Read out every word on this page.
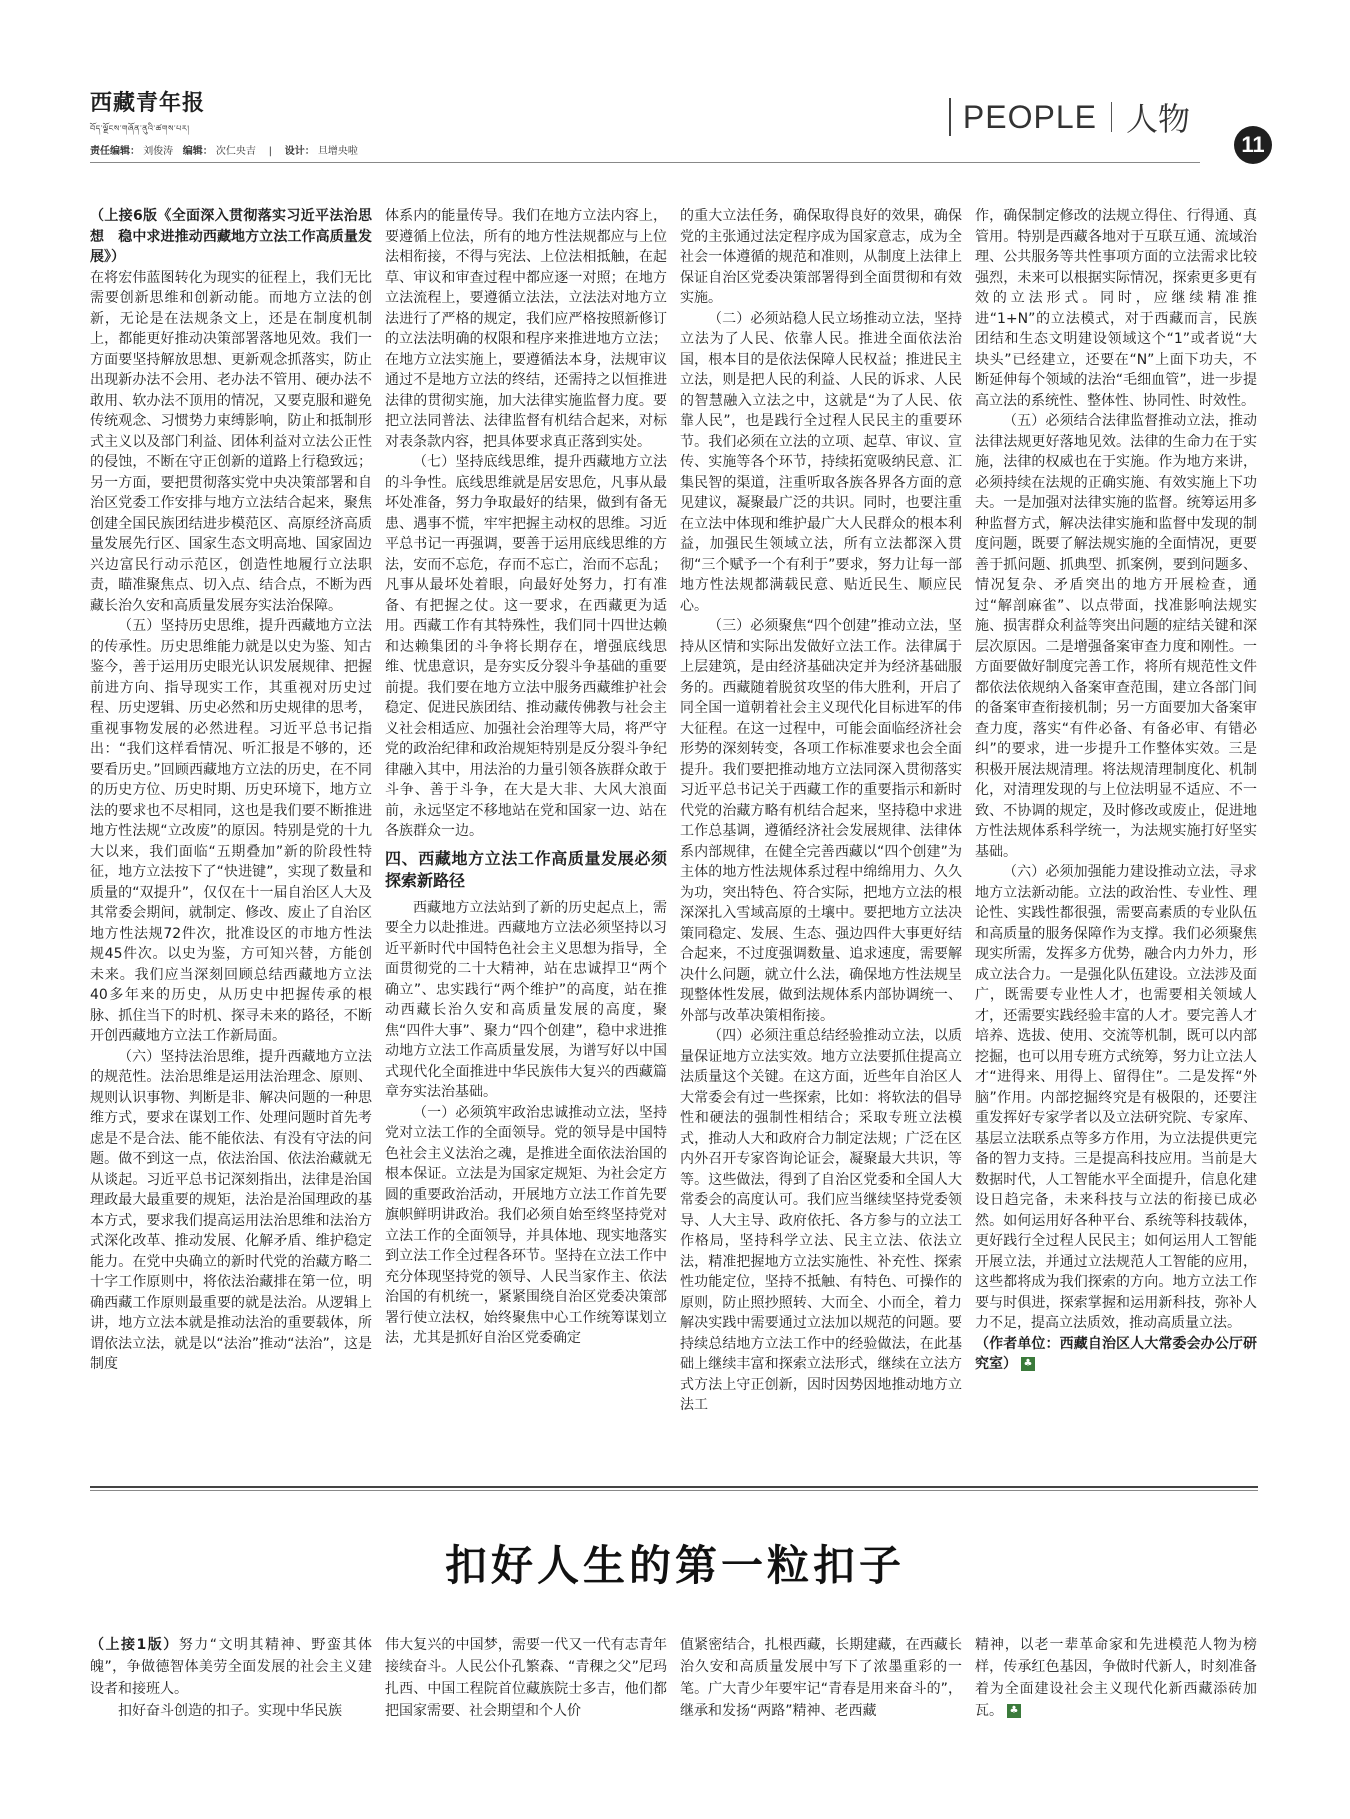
西藏青年报
བོད་ལྗོངས་གཞོན་ནུའི་ཚགས་པར།
责任编辑： 刘俊涛 编辑： 次仁央吉 | 设计： 旦增央啦
PEOPLE 人物
11

（上接6版《全面深入贯彻落实习近平法治思想　稳中求进推动西藏地方立法工作高质量发展》）

在将宏伟蓝图转化为现实的征程上，我们无比需要创新思维和创新动能。而地方立法的创新，无论是在法规条文上，还是在制度机制上，都能更好推动决策部署落地见效。我们一方面要坚持解放思想、更新观念抓落实，防止出现新办法不会用、老办法不管用、硬办法不敢用、软办法不顶用的情况，又要克服和避免传统观念、习惯势力束缚影响，防止和抵制形式主义以及部门利益、团体利益对立法公正性的侵蚀，不断在守正创新的道路上行稳致远；另一方面，要把贯彻落实党中央决策部署和自治区党委工作安排与地方立法结合起来，聚焦创建全国民族团结进步模范区、高原经济高质量发展先行区、国家生态文明高地、国家固边兴边富民行动示范区，创造性地履行立法职责，瞄准聚焦点、切入点、结合点，不断为西藏长治久安和高质量发展夯实法治保障。

（五）坚持历史思维，提升西藏地方立法的传承性。历史思维能力就是以史为鉴、知古鉴今，善于运用历史眼光认识发展规律、把握前进方向、指导现实工作，其重视对历史过程、历史逻辑、历史必然和历史规律的思考，重视事物发展的必然进程。习近平总书记指出：“我们这样看情况、听汇报是不够的，还要看历史。”回顾西藏地方立法的历史，在不同的历史方位、历史时期、历史环境下，地方立法的要求也不尽相同，这也是我们要不断推进地方性法规“立改废”的原因。特别是党的十九大以来，我们面临“五期叠加”新的阶段性特征，地方立法按下了“快进键”，实现了数量和质量的“双提升”，仅仅在十一届自治区人大及其常委会期间，就制定、修改、废止了自治区地方性法规72件次，批准设区的市地方性法规45件次。以史为鉴，方可知兴替，方能创未来。我们应当深刻回顾总结西藏地方立法40多年来的历史，从历史中把握传承的根脉、抓住当下的时机、探寻未来的路径，不断开创西藏地方立法工作新局面。

（六）坚持法治思维，提升西藏地方立法的规范性。法治思维是运用法治理念、原则、规则认识事物、判断是非、解决问题的一种思维方式，要求在谋划工作、处理问题时首先考虑是不是合法、能不能依法、有没有守法的问题。做不到这一点，依法治国、依法治藏就无从谈起。习近平总书记深刻指出，法律是治国理政最大最重要的规矩，法治是治国理政的基本方式，要求我们提高运用法治思维和法治方式深化改革、推动发展、化解矛盾、维护稳定能力。在党中央确立的新时代党的治藏方略二十字工作原则中，将依法治藏排在第一位，明确西藏工作原则最重要的就是法治。从逻辑上讲，地方立法本就是推动法治的重要载体，所谓依法立法，就是以“法治”推动“法治”，这是制度

体系内的能量传导。我们在地方立法内容上，要遵循上位法，所有的地方性法规都应与上位法相衔接，不得与宪法、上位法相抵触，在起草、审议和审查过程中都应逐一对照；在地方立法流程上，要遵循立法法，立法法对地方立法进行了严格的规定，我们应严格按照新修订的立法法明确的权限和程序来推进地方立法；在地方立法实施上，要遵循法本身，法规审议通过不是地方立法的终结，还需持之以恒推进法律的贯彻实施，加大法律实施监督力度。要把立法同普法、法律监督有机结合起来，对标对表条款内容，把具体要求真正落到实处。

（七）坚持底线思维，提升西藏地方立法的斗争性。底线思维就是居安思危，凡事从最坏处准备，努力争取最好的结果，做到有备无患、遇事不慌，牢牢把握主动权的思维。习近平总书记一再强调，要善于运用底线思维的方法，安而不忘危，存而不忘亡，治而不忘乱；凡事从最坏处着眼，向最好处努力，打有准备、有把握之仗。这一要求，在西藏更为适用。西藏工作有其特殊性，我们同十四世达赖和达赖集团的斗争将长期存在，增强底线思维、忧患意识，是夯实反分裂斗争基础的重要前提。我们要在地方立法中服务西藏维护社会稳定、促进民族团结、推动藏传佛教与社会主义社会相适应、加强社会治理等大局，将严守党的政治纪律和政治规矩特别是反分裂斗争纪律融入其中，用法治的力量引领各族群众敢于斗争、善于斗争，在大是大非、大风大浪面前，永远坚定不移地站在党和国家一边、站在各族群众一边。

四、西藏地方立法工作高质量发展必须探索新路径

西藏地方立法站到了新的历史起点上，需要全力以赴推进。西藏地方立法必须坚持以习近平新时代中国特色社会主义思想为指导，全面贯彻党的二十大精神，站在忠诚捍卫“两个确立”、忠实践行“两个维护”的高度，站在推动西藏长治久安和高质量发展的高度，聚焦“四件大事”、聚力“四个创建”，稳中求进推动地方立法工作高质量发展，为谱写好以中国式现代化全面推进中华民族伟大复兴的西藏篇章夯实法治基础。

（一）必须筑牢政治忠诚推动立法，坚持党对立法工作的全面领导。党的领导是中国特色社会主义法治之魂，是推进全面依法治国的根本保证。立法是为国家定规矩、为社会定方圆的重要政治活动，开展地方立法工作首先要旗帜鲜明讲政治。我们必须自始至终坚持党对立法工作的全面领导，并具体地、现实地落实到立法工作全过程各环节。坚持在立法工作中充分体现坚持党的领导、人民当家作主、依法治国的有机统一，紧紧围绕自治区党委决策部署行使立法权，始终聚焦中心工作统筹谋划立法，尤其是抓好自治区党委确定

的重大立法任务，确保取得良好的效果，确保党的主张通过法定程序成为国家意志，成为全社会一体遵循的规范和准则，从制度上法律上保证自治区党委决策部署得到全面贯彻和有效实施。

（二）必须站稳人民立场推动立法，坚持立法为了人民、依靠人民。推进全面依法治国，根本目的是依法保障人民权益；推进民主立法，则是把人民的利益、人民的诉求、人民的智慧融入立法之中，这就是“为了人民、依靠人民”，也是践行全过程人民民主的重要环节。我们必须在立法的立项、起草、审议、宣传、实施等各个环节，持续拓宽吸纳民意、汇集民智的渠道，注重听取各族各界各方面的意见建议，凝聚最广泛的共识。同时，也要注重在立法中体现和维护最广大人民群众的根本利益，加强民生领域立法，所有立法都深入贯彻“三个赋予一个有利于”要求，努力让每一部地方性法规都满载民意、贴近民生、顺应民心。

（三）必须聚焦“四个创建”推动立法，坚持从区情和实际出发做好立法工作。法律属于上层建筑，是由经济基础决定并为经济基础服务的。西藏随着脱贫攻坚的伟大胜利，开启了同全国一道朝着社会主义现代化目标进军的伟大征程。在这一过程中，可能会面临经济社会形势的深刻转变，各项工作标准要求也会全面提升。我们要把推动地方立法同深入贯彻落实习近平总书记关于西藏工作的重要指示和新时代党的治藏方略有机结合起来，坚持稳中求进工作总基调，遵循经济社会发展规律、法律体系内部规律，在健全完善西藏以“四个创建”为主体的地方性法规体系过程中绵绵用力、久久为功，突出特色、符合实际，把地方立法的根深深扎入雪域高原的土壤中。要把地方立法决策同稳定、发展、生态、强边四件大事更好结合起来，不过度强调数量、追求速度，需要解决什么问题，就立什么法，确保地方性法规呈现整体性发展，做到法规体系内部协调统一、外部与改革决策相衔接。

（四）必须注重总结经验推动立法，以质量保证地方立法实效。地方立法要抓住提高立法质量这个关键。在这方面，近些年自治区人大常委会有过一些探索，比如：将软法的倡导性和硬法的强制性相结合；采取专班立法模式，推动人大和政府合力制定法规；广泛在区内外召开专家咨询论证会，凝聚最大共识，等等。这些做法，得到了自治区党委和全国人大常委会的高度认可。我们应当继续坚持党委领导、人大主导、政府依托、各方参与的立法工作格局，坚持科学立法、民主立法、依法立法，精准把握地方立法实施性、补充性、探索性功能定位，坚持不抵触、有特色、可操作的原则，防止照抄照转、大而全、小而全，着力解决实践中需要通过立法加以规范的问题。要持续总结地方立法工作中的经验做法，在此基础上继续丰富和探索立法形式，继续在立法方式方法上守正创新，因时因势因地推动地方立法工

作，确保制定修改的法规立得住、行得通、真管用。特别是西藏各地对于互联互通、流域治理、公共服务等共性事项方面的立法需求比较强烈，未来可以根据实际情况，探索更多更有效的立法形式。同时，应继续精准推进“1+N”的立法模式，对于西藏而言，民族团结和生态文明建设领域这个“1”或者说“大块头”已经建立，还要在“N”上面下功夫，不断延伸每个领域的法治“毛细血管”，进一步提高立法的系统性、整体性、协同性、时效性。

（五）必须结合法律监督推动立法，推动法律法规更好落地见效。法律的生命力在于实施，法律的权威也在于实施。作为地方来讲，必须持续在法规的正确实施、有效实施上下功夫。一是加强对法律实施的监督。统筹运用多种监督方式，解决法律实施和监督中发现的制度问题，既要了解法规实施的全面情况，更要善于抓问题、抓典型、抓案例，要到问题多、情况复杂、矛盾突出的地方开展检查，通过“解剖麻雀”、以点带面，找准影响法规实施、损害群众利益等突出问题的症结关键和深层次原因。二是增强备案审查力度和刚性。一方面要做好制度完善工作，将所有规范性文件都依法依规纳入备案审查范围，建立各部门间的备案审查衔接机制；另一方面要加大备案审查力度，落实“有件必备、有备必审、有错必纠”的要求，进一步提升工作整体实效。三是积极开展法规清理。将法规清理制度化、机制化，对清理发现的与上位法明显不适应、不一致、不协调的规定，及时修改或废止，促进地方性法规体系科学统一，为法规实施打好坚实基础。

（六）必须加强能力建设推动立法，寻求地方立法新动能。立法的政治性、专业性、理论性、实践性都很强，需要高素质的专业队伍和高质量的服务保障作为支撑。我们必须聚焦现实所需，发挥多方优势，融合内力外力，形成立法合力。一是强化队伍建设。立法涉及面广，既需要专业性人才，也需要相关领域人才，还需要实践经验丰富的人才。要完善人才培养、选拔、使用、交流等机制，既可以内部挖掘，也可以用专班方式统筹，努力让立法人才“进得来、用得上、留得住”。二是发挥“外脑”作用。内部挖掘终究是有极限的，还要注重发挥好专家学者以及立法研究院、专家库、基层立法联系点等多方作用，为立法提供更完备的智力支持。三是提高科技应用。当前是大数据时代，人工智能水平全面提升，信息化建设日趋完备，未来科技与立法的衔接已成必然。如何运用好各种平台、系统等科技载体，更好践行全过程人民民主；如何运用人工智能开展立法，并通过立法规范人工智能的应用，这些都将成为我们探索的方向。地方立法工作要与时俱进，探索掌握和运用新科技，弥补人力不足，提高立法质效，推动高质量立法。

（作者单位：西藏自治区人大常委会办公厅研究室） ♣

扣好人生的第一粒扣子

（上接1版）努力“文明其精神、野蛮其体魄”，争做德智体美劳全面发展的社会主义建设者和接班人。

扣好奋斗创造的扣子。实现中华民族

伟大复兴的中国梦，需要一代又一代有志青年接续奋斗。人民公仆孔繁森、“青稞之父”尼玛扎西、中国工程院首位藏族院士多吉，他们都把国家需要、社会期望和个人价

值紧密结合，扎根西藏，长期建藏，在西藏长治久安和高质量发展中写下了浓墨重彩的一笔。广大青少年要牢记“青春是用来奋斗的”，继承和发扬“两路”精神、老西藏

精神，以老一辈革命家和先进模范人物为榜样，传承红色基因，争做时代新人，时刻准备着为全面建设社会主义现代化新西藏添砖加瓦。 ♣
